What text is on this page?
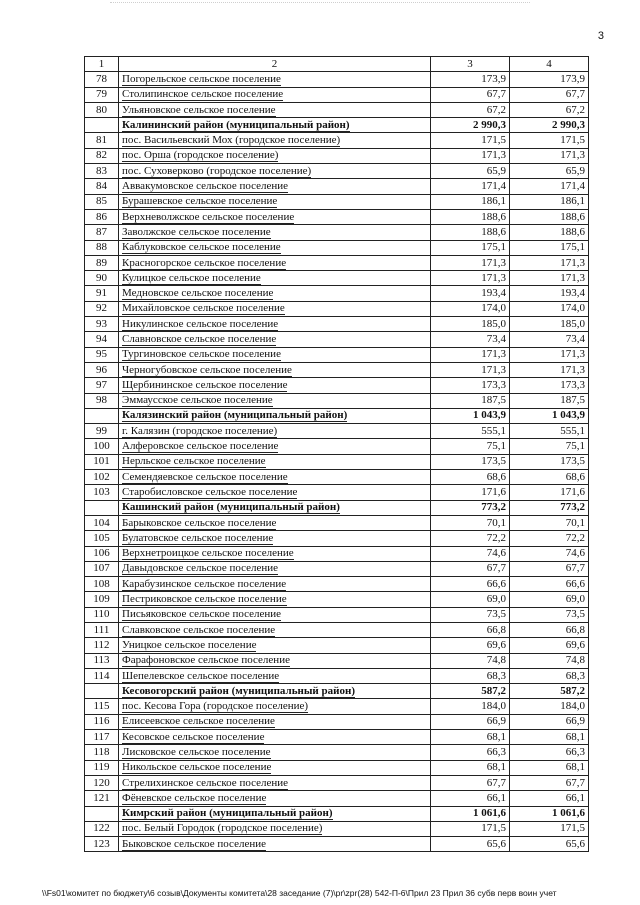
3
1	2	3	4
78	Погорельское сельское поселение	173,9	173,9
79	Столипинское сельское поселение	67,7	67,7
80	Ульяновское сельское поселение	67,2	67,2
	Калининский район (муниципальный район)	2 990,3	2 990,3
81	пос. Васильевский Мох (городское поселение)	171,5	171,5
82	пос. Орша (городское поселение)	171,3	171,3
83	пос. Суховерково (городское поселение)	65,9	65,9
84	Аввакумовское сельское поселение	171,4	171,4
85	Бурашевское сельское поселение	186,1	186,1
86	Верхневолжское сельское поселение	188,6	188,6
87	Заволжское сельское поселение	188,6	188,6
88	Каблуковское сельское поселение	175,1	175,1
89	Красногорское сельское поселение	171,3	171,3
90	Кулицкое сельское поселение	171,3	171,3
91	Медновское сельское поселение	193,4	193,4
92	Михайловское сельское поселение	174,0	174,0
93	Никулинское сельское поселение	185,0	185,0
94	Славновское сельское поселение	73,4	73,4
95	Тургиновское сельское поселение	171,3	171,3
96	Черногубовское сельское поселение	171,3	171,3
97	Щербининское сельское поселение	173,3	173,3
98	Эммаусское сельское поселение	187,5	187,5
	Калязинский район (муниципальный район)	1 043,9	1 043,9
99	г. Калязин (городское поселение)	555,1	555,1
100	Алферовское сельское поселение	75,1	75,1
101	Нерльское сельское поселение	173,5	173,5
102	Семендяевское сельское поселение	68,6	68,6
103	Старобисловское сельское поселение	171,6	171,6
	Кашинский район (муниципальный район)	773,2	773,2
104	Барыковское сельское поселение	70,1	70,1
105	Булатовское сельское поселение	72,2	72,2
106	Верхнетроицкое сельское поселение	74,6	74,6
107	Давыдовское сельское поселение	67,7	67,7
108	Карабузинское сельское поселение	66,6	66,6
109	Пестриковское сельское поселение	69,0	69,0
110	Письяковское сельское поселение	73,5	73,5
111	Славковское сельское поселение	66,8	66,8
112	Уницкое сельское поселение	69,6	69,6
113	Фарафоновское сельское поселение	74,8	74,8
114	Шепелевское сельское поселение	68,3	68,3
	Кесовогорский район (муниципальный район)	587,2	587,2
115	пос. Кесова Гора (городское поселение)	184,0	184,0
116	Елисеевское сельское поселение	66,9	66,9
117	Кесовское сельское поселение	68,1	68,1
118	Лисковское сельское поселение	66,3	66,3
119	Никольское сельское поселение	68,1	68,1
120	Стрелихинское сельское поселение	67,7	67,7
121	Фёневское сельское поселение	66,1	66,1
	Кимрский район (муниципальный район)	1 061,6	1 061,6
122	пос. Белый Городок (городское поселение)	171,5	171,5
123	Быковское сельское поселение	65,6	65,6
\\Fs01\комитет по бюджету\6 созыв\Документы комитета\28 заседание (7)\pr\zpr(28) 542-П-6\Прил 23 Прил 36 субв перв воин учет
